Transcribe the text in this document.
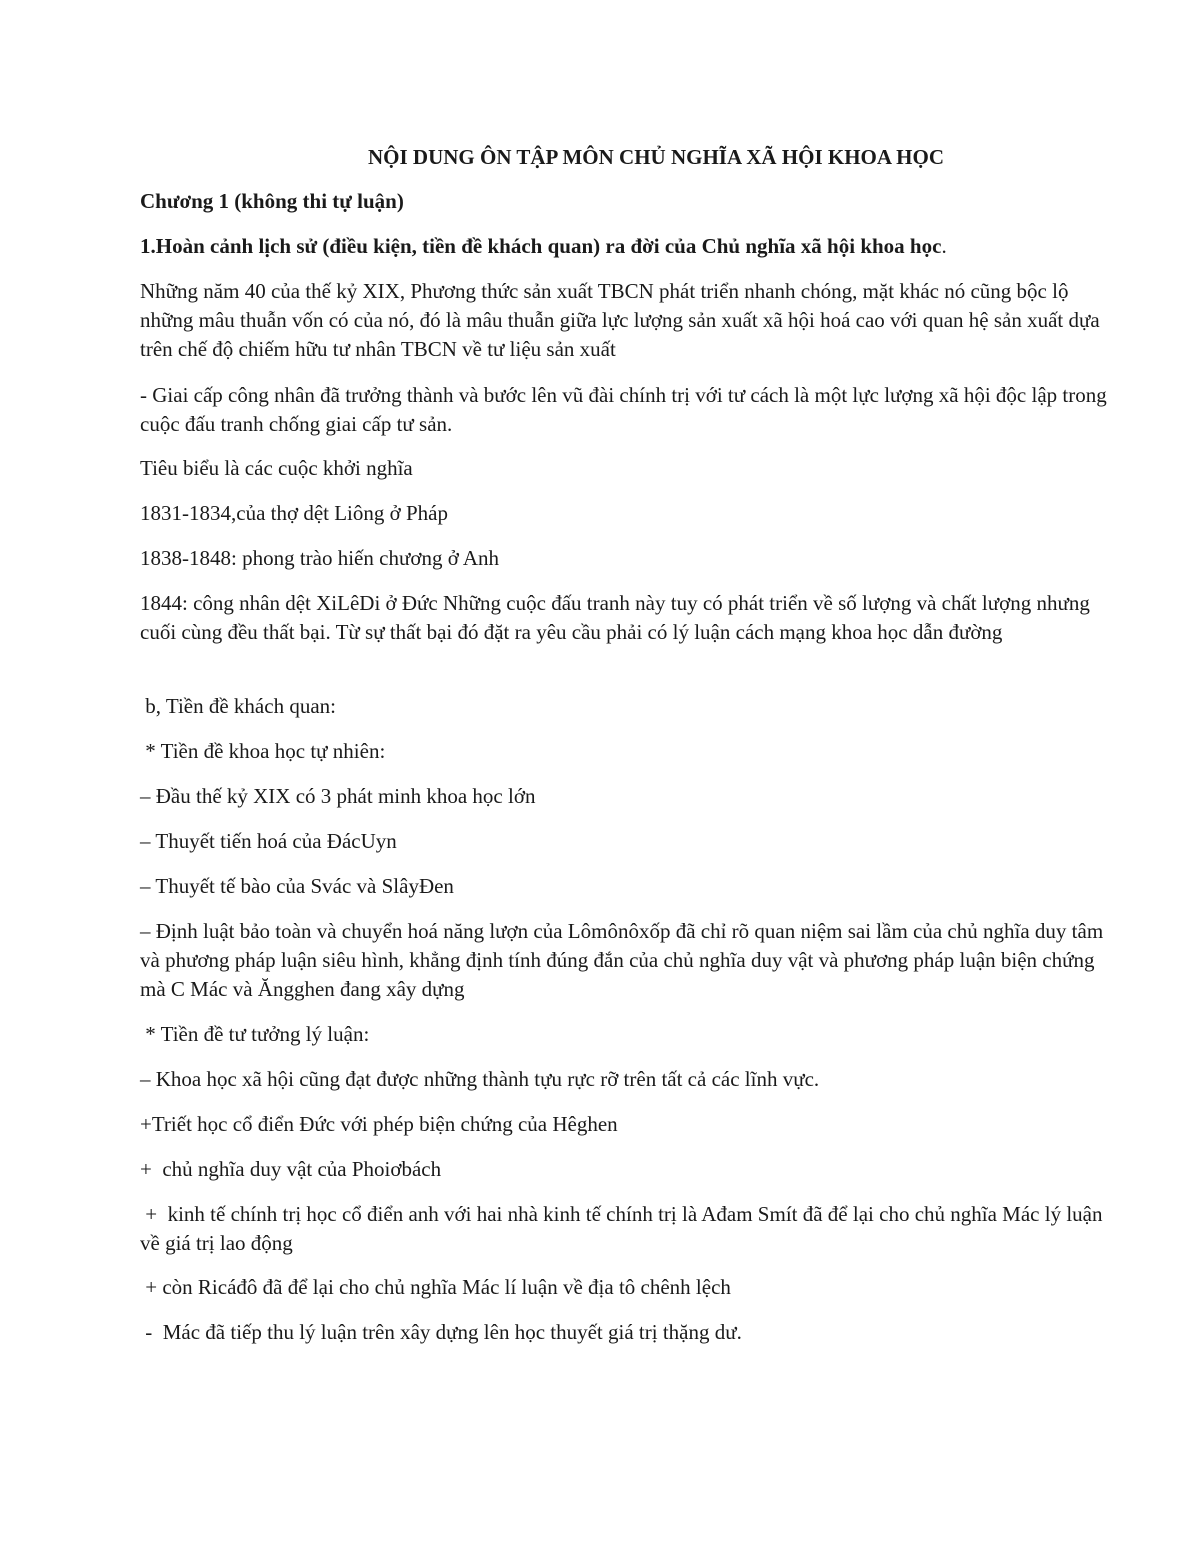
NỘI DUNG ÔN TẬP MÔN CHỦ NGHĨA XÃ HỘI KHOA HỌC
Chương 1 (không thi tự luận)
1.Hoàn cảnh lịch sử (điều kiện, tiền đề khách quan) ra đời của Chủ nghĩa xã hội khoa học.
Những năm 40 của thế kỷ XIX, Phương thức sản xuất TBCN phát triển nhanh chóng, mặt khác nó cũng bộc lộ những mâu thuẫn vốn có của nó, đó là mâu thuẫn giữa lực lượng sản xuất xã hội hoá cao với quan hệ sản xuất dựa trên chế độ chiếm hữu tư nhân TBCN về tư liệu sản xuất
- Giai cấp công nhân đã trưởng thành và bước lên vũ đài chính trị với tư cách là một lực lượng xã hội độc lập trong cuộc đấu tranh chống giai cấp tư sản.
Tiêu biểu là các cuộc khởi nghĩa
1831-1834,của thợ dệt Liông ở Pháp
1838-1848: phong trào hiến chương ở Anh
1844: công nhân dệt XiLêDi ở Đức Những cuộc đấu tranh này tuy có phát triển về số lượng và chất lượng nhưng cuối cùng đều thất bại. Từ sự thất bại đó đặt ra yêu cầu phải có lý luận cách mạng khoa học dẫn đường
b, Tiền đề khách quan:
* Tiền đề khoa học tự nhiên:
– Đầu thế kỷ XIX có 3 phát minh khoa học lớn
– Thuyết tiến hoá của ĐácUyn
– Thuyết tế bào của Svác và SlâyĐen
– Định luật bảo toàn và chuyển hoá năng lượn của Lômônôxốp đã chỉ rõ quan niệm sai lầm của chủ nghĩa duy tâm và phương pháp luận siêu hình, khẳng định tính đúng đắn của chủ nghĩa duy vật và phương pháp luận biện chứng mà C Mác và Ăngghen đang xây dựng
* Tiền đề tư tưởng lý luận:
– Khoa học xã hội cũng đạt được những thành tựu rực rỡ trên tất cả các lĩnh vực.
+Triết học cổ điển Đức với phép biện chứng của Hêghen
+  chủ nghĩa duy vật của Phoiơbách
+  kinh tế chính trị học cổ điển anh với hai nhà kinh tế chính trị là Ađam Smít đã để lại cho chủ nghĩa Mác lý luận về giá trị lao động
+ còn Ricáđô đã để lại cho chủ nghĩa Mác lí luận về địa tô chênh lệch
-  Mác đã tiếp thu lý luận trên xây dựng lên học thuyết giá trị thặng dư.
